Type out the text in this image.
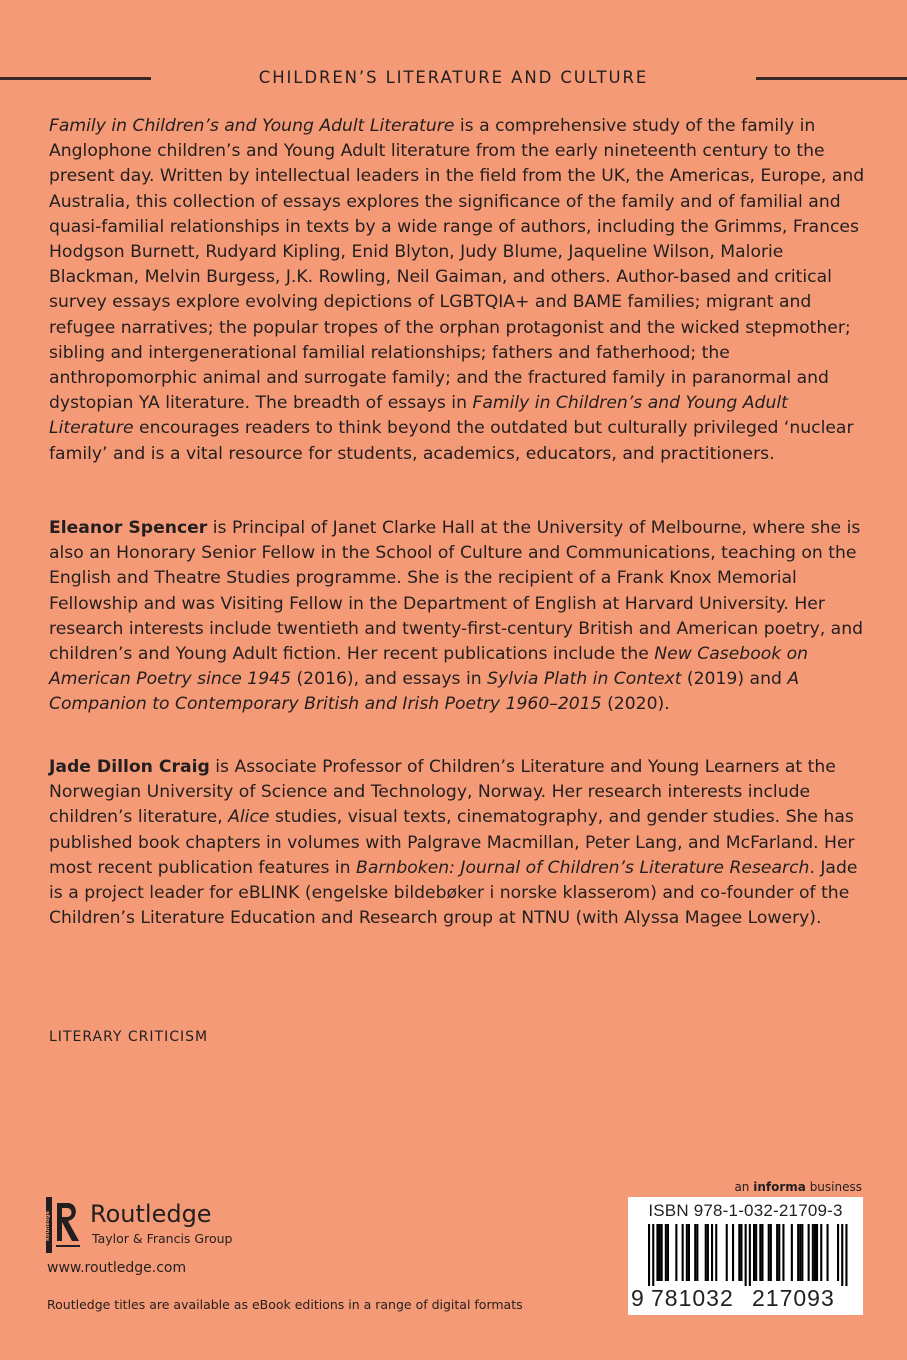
CHILDREN’S LITERATURE AND CULTURE

Family in Children’s and Young Adult Literature is a comprehensive study of the family in Anglophone children’s and Young Adult literature from the early nineteenth century to the present day. Written by intellectual leaders in the field from the UK, the Americas, Europe, and Australia, this collection of essays explores the significance of the family and of familial and quasi-familial relationships in texts by a wide range of authors, including the Grimms, Frances Hodgson Burnett, Rudyard Kipling, Enid Blyton, Judy Blume, Jaqueline Wilson, Malorie Blackman, Melvin Burgess, J.K. Rowling, Neil Gaiman, and others. Author-based and critical survey essays explore evolving depictions of LGBTQIA+ and BAME families; migrant and refugee narratives; the popular tropes of the orphan protagonist and the wicked stepmother; sibling and intergenerational familial relationships; fathers and fatherhood; the anthropomorphic animal and surrogate family; and the fractured family in paranormal and dystopian YA literature. The breadth of essays in Family in Children’s and Young Adult Literature encourages readers to think beyond the outdated but culturally privileged ‘nuclear family’ and is a vital resource for students, academics, educators, and practitioners.

Eleanor Spencer is Principal of Janet Clarke Hall at the University of Melbourne, where she is also an Honorary Senior Fellow in the School of Culture and Communications, teaching on the English and Theatre Studies programme. She is the recipient of a Frank Knox Memorial Fellowship and was Visiting Fellow in the Department of English at Harvard University. Her research interests include twentieth and twenty-first-century British and American poetry, and children’s and Young Adult fiction. Her recent publications include the New Casebook on American Poetry since 1945 (2016), and essays in Sylvia Plath in Context (2019) and A Companion to Contemporary British and Irish Poetry 1960–2015 (2020).

Jade Dillon Craig is Associate Professor of Children’s Literature and Young Learners at the Norwegian University of Science and Technology, Norway. Her research interests include children’s literature, Alice studies, visual texts, cinematography, and gender studies. She has published book chapters in volumes with Palgrave Macmillan, Peter Lang, and McFarland. Her most recent publication features in Barnboken: Journal of Children’s Literature Research. Jade is a project leader for eBLINK (engelske bildebøker i norske klasserom) and co-founder of the Children’s Literature Education and Research group at NTNU (with Alyssa Magee Lowery).

LITERARY CRITICISM
Routledge Routledge
Taylor & Francis Group
www.routledge.com
Routledge titles are available as eBook editions in a range of digital formats
an informa business
ISBN 978-1-032-21709-3
9 781032 217093
